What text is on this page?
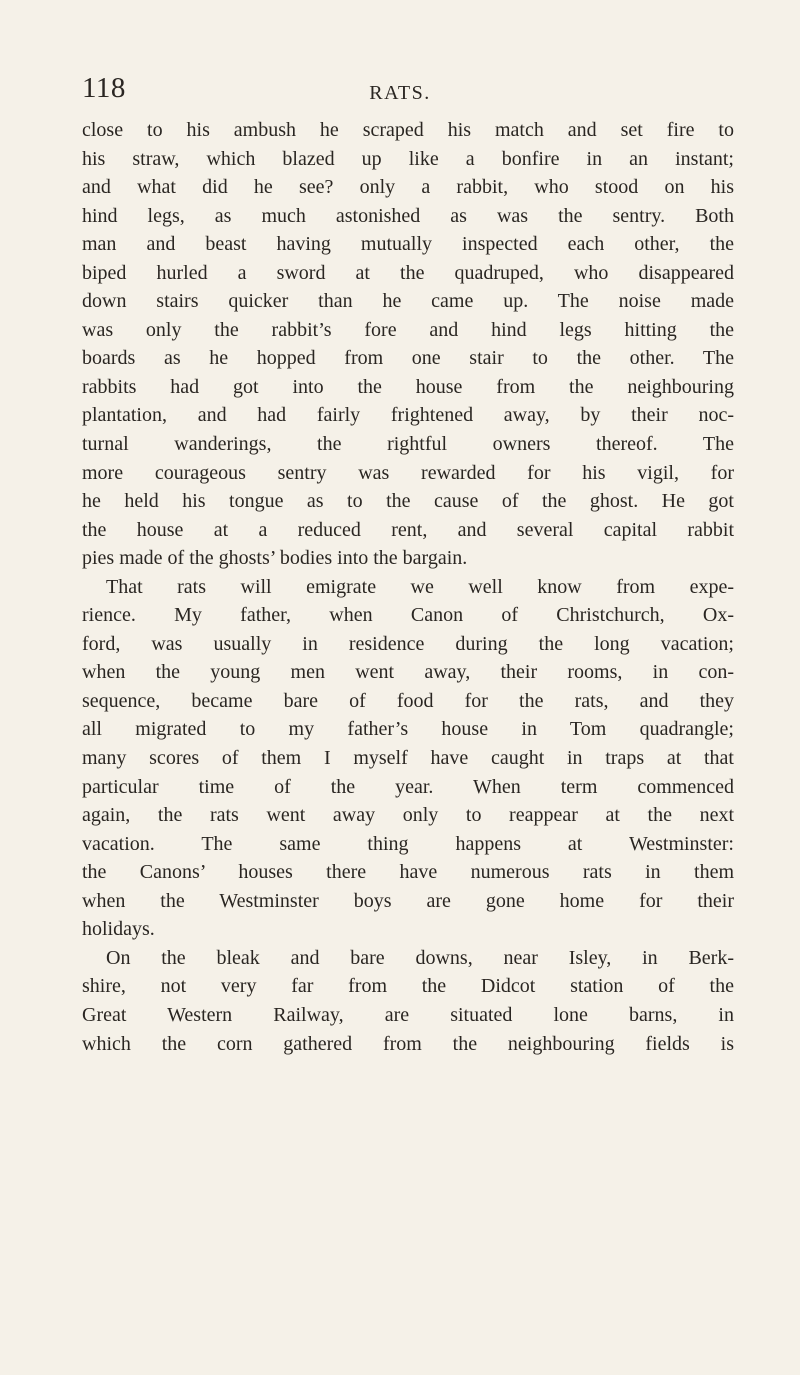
118	RATS.
close to his ambush he scraped his match and set fire to
his straw, which blazed up like a bonfire in an instant;
and what did he see? only a rabbit, who stood on his
hind legs, as much astonished as was the sentry. Both
man and beast having mutually inspected each other, the
biped hurled a sword at the quadruped, who disappeared
down stairs quicker than he came up. The noise made
was only the rabbit’s fore and hind legs hitting the
boards as he hopped from one stair to the other. The
rabbits had got into the house from the neighbouring
plantation, and had fairly frightened away, by their noc-
turnal wanderings, the rightful owners thereof. The
more courageous sentry was rewarded for his vigil, for
he held his tongue as to the cause of the ghost. He got
the house at a reduced rent, and several capital rabbit
pies made of the ghosts’ bodies into the bargain.
That rats will emigrate we well know from expe-
rience. My father, when Canon of Christchurch, Ox-
ford, was usually in residence during the long vacation;
when the young men went away, their rooms, in con-
sequence, became bare of food for the rats, and they
all migrated to my father’s house in Tom quadrangle;
many scores of them I myself have caught in traps at that
particular time of the year. When term commenced
again, the rats went away only to reappear at the next
vacation. The same thing happens at Westminster:
the Canons’ houses there have numerous rats in them
when the Westminster boys are gone home for their
holidays.
On the bleak and bare downs, near Isley, in Berk-
shire, not very far from the Didcot station of the
Great Western Railway, are situated lone barns, in
which the corn gathered from the neighbouring fields is
